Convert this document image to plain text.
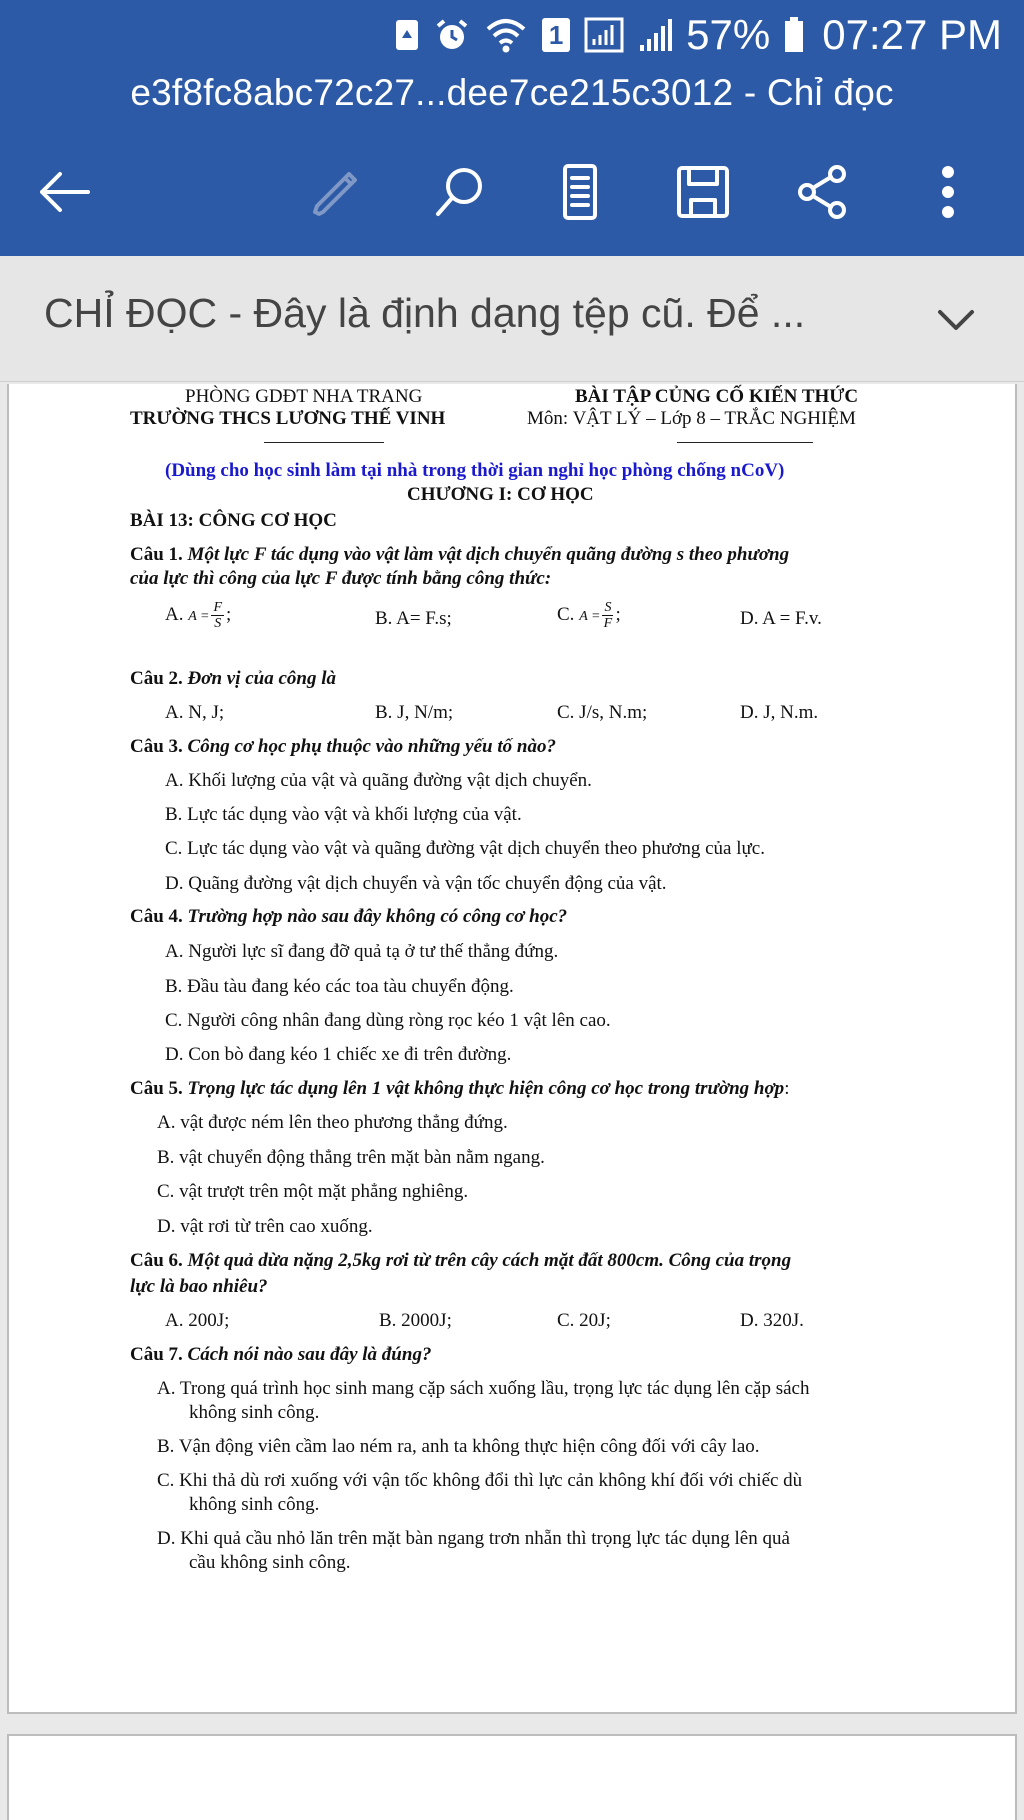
1	57% 07:27 PM
e3f8fc8abc72c27...dee7ce215c3012 - Chỉ đọc
CHỈ ĐỌC - Đây là định dạng tệp cũ. Để ...
PHÒNG GDĐT NHA TRANG
TRƯỜNG THCS LƯƠNG THẾ VINH
BÀI TẬP CỦNG CỐ KIẾN THỨC
Môn: VẬT LÝ – Lớp 8 – TRẮC NGHIỆM
(Dùng cho học sinh làm tại nhà trong thời gian nghỉ học phòng chống nCoV)
CHƯƠNG I: CƠ HỌC
BÀI 13: CÔNG CƠ HỌC
Câu 1. Một lực F tác dụng vào vật làm vật dịch chuyển quãng đường s theo phương
của lực thì công của lực F được tính bằng công thức:
A. $A = \frac{F}{S}$ ;	B. A= F.s;	C. $A = \frac{S}{F}$ ;	D. A = F.v.
Câu 2. Đơn vị của công là
A. N, J;	B. J, N/m;	C. J/s, N.m;	D. J, N.m.
Câu 3. Công cơ học phụ thuộc vào những yếu tố nào?
A. Khối lượng của vật và quãng đường vật dịch chuyển.
B. Lực tác dụng vào vật và khối lượng của vật.
C. Lực tác dụng vào vật và quãng đường vật dịch chuyển theo phương của lực.
D. Quãng đường vật dịch chuyển và vận tốc chuyển động của vật.
Câu 4. Trường hợp nào sau đây không có công cơ học?
A. Người lực sĩ đang đỡ quả tạ ở tư thế thẳng đứng.
B. Đầu tàu đang kéo các toa tàu chuyển động.
C. Người công nhân đang dùng ròng rọc kéo 1 vật lên cao.
D. Con bò đang kéo 1 chiếc xe đi trên đường.
Câu 5. Trọng lực tác dụng lên 1 vật không thực hiện công cơ học trong trường hợp:
A. vật được ném lên theo phương thẳng đứng.
B. vật chuyển động thẳng trên mặt bàn nằm ngang.
C. vật trượt trên một mặt phẳng nghiêng.
D. vật rơi từ trên cao xuống.
Câu 6. Một quả dừa nặng 2,5kg rơi từ trên cây cách mặt đất 800cm. Công của trọng
lực là bao nhiêu?
A. 200J;	B. 2000J;	C. 20J;	D. 320J.
Câu 7. Cách nói nào sau đây là đúng?
A. Trong quá trình học sinh mang cặp sách xuống lầu, trọng lực tác dụng lên cặp sách
không sinh công.
B. Vận động viên cầm lao ném ra, anh ta không thực hiện công đối với cây lao.
C. Khi thả dù rơi xuống với vận tốc không đổi thì lực cản không khí đối với chiếc dù
không sinh công.
D. Khi quả cầu nhỏ lăn trên mặt bàn ngang trơn nhẵn thì trọng lực tác dụng lên quả
cầu không sinh công.
